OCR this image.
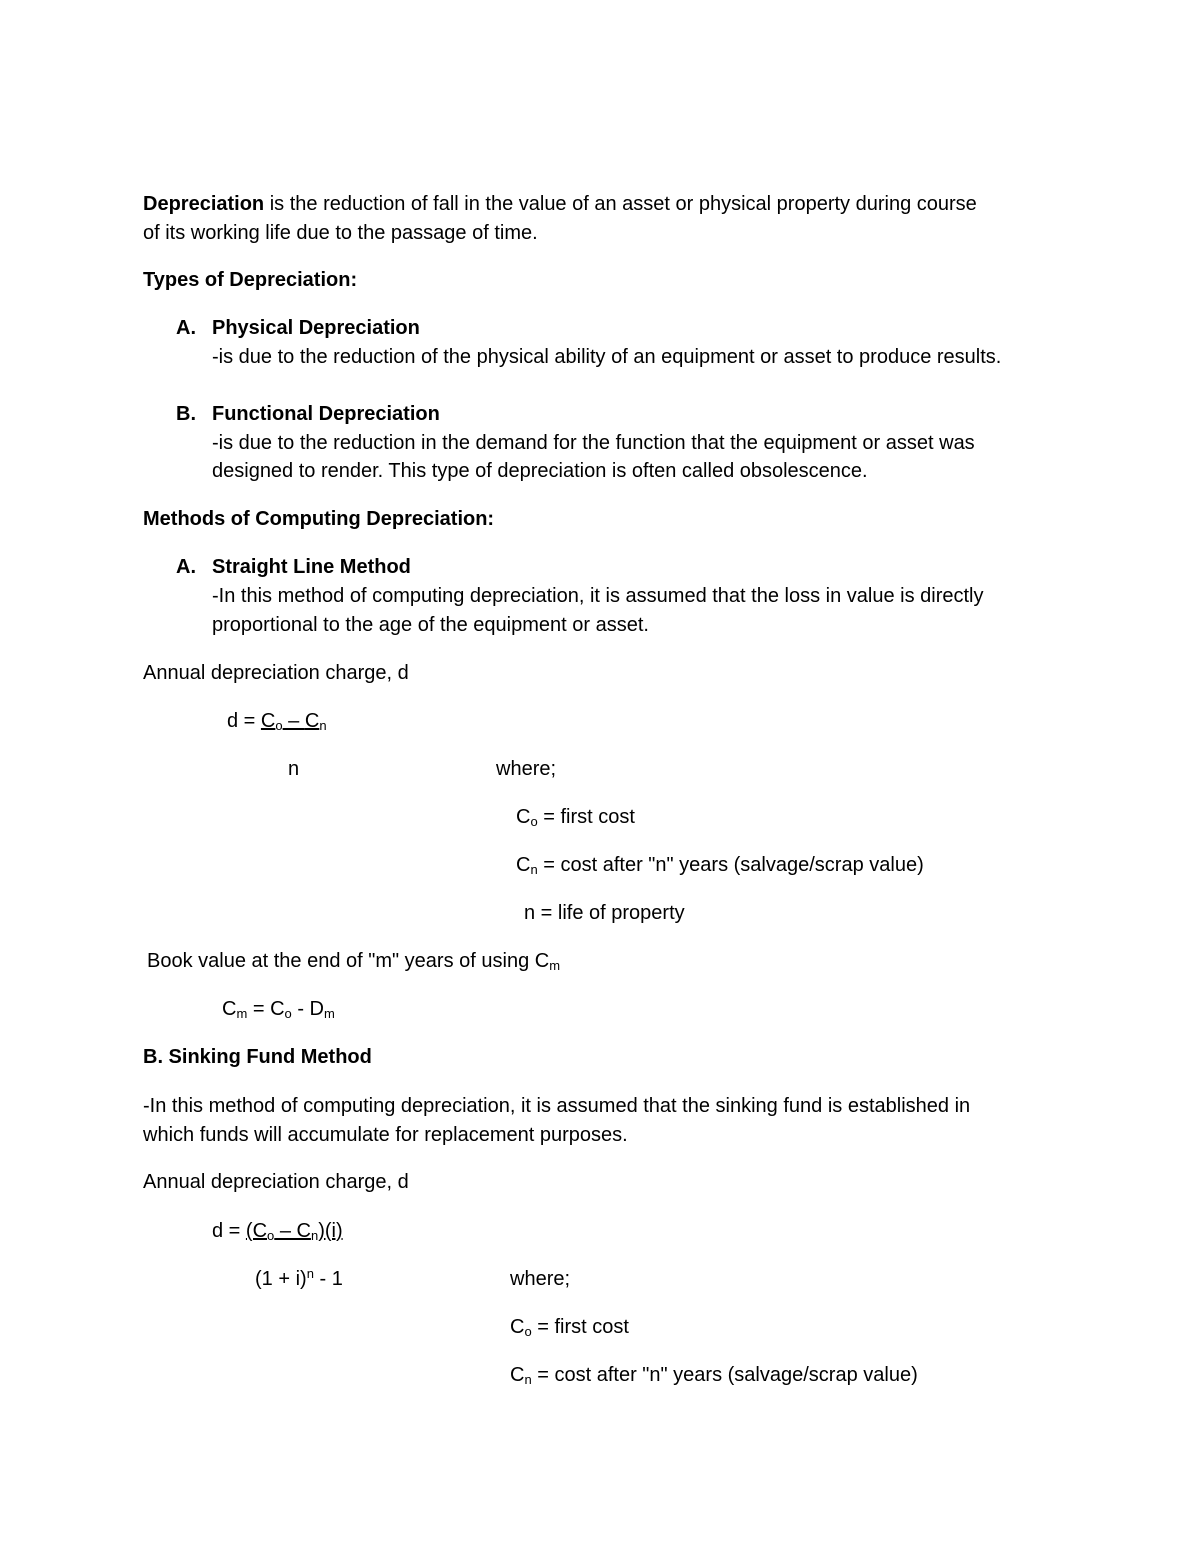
Depreciation is the reduction of fall in the value of an asset or physical property during course
of its working life due to the passage of time.
Types of Depreciation:
A. Physical Depreciation
-is due to the reduction of the physical ability of an equipment or asset to produce results.
B. Functional Depreciation
-is due to the reduction in the demand for the function that the equipment or asset was
designed to render. This type of depreciation is often called obsolescence.
Methods of Computing Depreciation:
A. Straight Line Method
-In this method of computing depreciation, it is assumed that the loss in value is directly
proportional to the age of the equipment or asset.
Annual depreciation charge, d
$d = C_o - C_n$
n	where;
$C_o$ = first cost
$C_n = \cos t$ after "n" years (salvage/scrap value)
n = life of property
Book value at the end of "m" years of using $C_m$
$C_m = C_o - D_m$
B. Sinking Fund Method
-In this method of computing depreciation, it is assumed that the sinking fund is established in
which funds will accumulate for replacement purposes.
Annual depreciation charge, d
$d = (C_o - C_n)(i)$
$(1 + i)^n - 1$	where;
$C_o$ = first cost
$C_n = \cos t$ after "n" years (salvage/scrap value)
